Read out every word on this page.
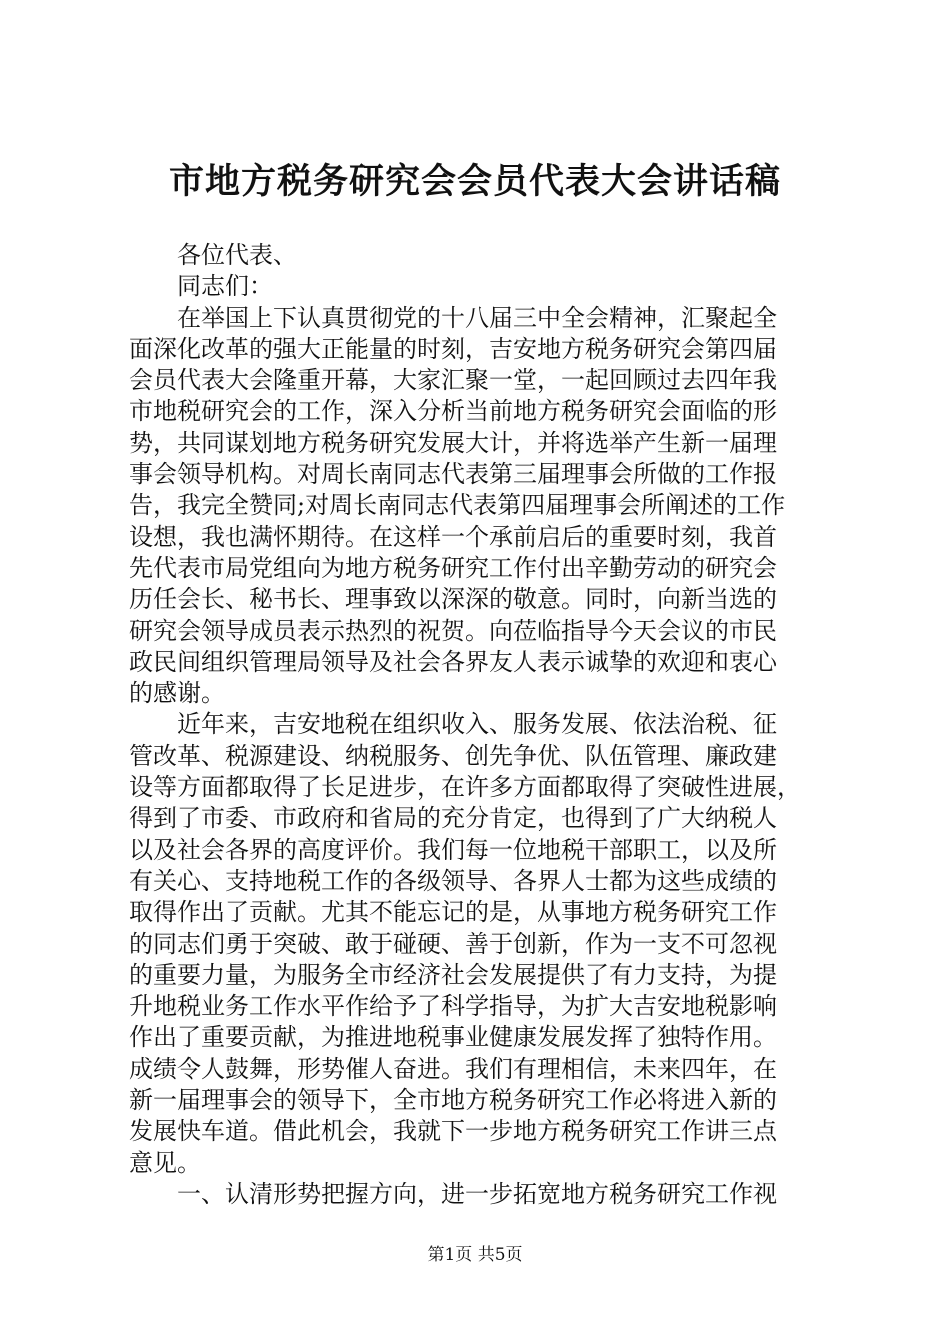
市地方税务研究会会员代表大会讲话稿
各位代表、
同志们：
在举国上下认真贯彻党的十八届三中全会精神，汇聚起全
面深化改革的强大正能量的时刻，吉安地方税务研究会第四届
会员代表大会隆重开幕，大家汇聚一堂，一起回顾过去四年我
市地税研究会的工作，深入分析当前地方税务研究会面临的形
势，共同谋划地方税务研究发展大计，并将选举产生新一届理
事会领导机构。对周长南同志代表第三届理事会所做的工作报
告，我完全赞同;对周长南同志代表第四届理事会所阐述的工作
设想，我也满怀期待。在这样一个承前启后的重要时刻，我首
先代表市局党组向为地方税务研究工作付出辛勤劳动的研究会
历任会长、秘书长、理事致以深深的敬意。同时，向新当选的
研究会领导成员表示热烈的祝贺。向莅临指导今天会议的市民
政民间组织管理局领导及社会各界友人表示诚挚的欢迎和衷心
的感谢。
近年来，吉安地税在组织收入、服务发展、依法治税、征
管改革、税源建设、纳税服务、创先争优、队伍管理、廉政建
设等方面都取得了长足进步，在许多方面都取得了突破性进展，
得到了市委、市政府和省局的充分肯定，也得到了广大纳税人
以及社会各界的高度评价。我们每一位地税干部职工，以及所
有关心、支持地税工作的各级领导、各界人士都为这些成绩的
取得作出了贡献。尤其不能忘记的是，从事地方税务研究工作
的同志们勇于突破、敢于碰硬、善于创新，作为一支不可忽视
的重要力量，为服务全市经济社会发展提供了有力支持，为提
升地税业务工作水平作给予了科学指导，为扩大吉安地税影响
作出了重要贡献，为推进地税事业健康发展发挥了独特作用。
成绩令人鼓舞，形势催人奋进。我们有理相信，未来四年，在
新一届理事会的领导下，全市地方税务研究工作必将进入新的
发展快车道。借此机会，我就下一步地方税务研究工作讲三点
意见。
一、认清形势把握方向，进一步拓宽地方税务研究工作视
第1页 共5页
